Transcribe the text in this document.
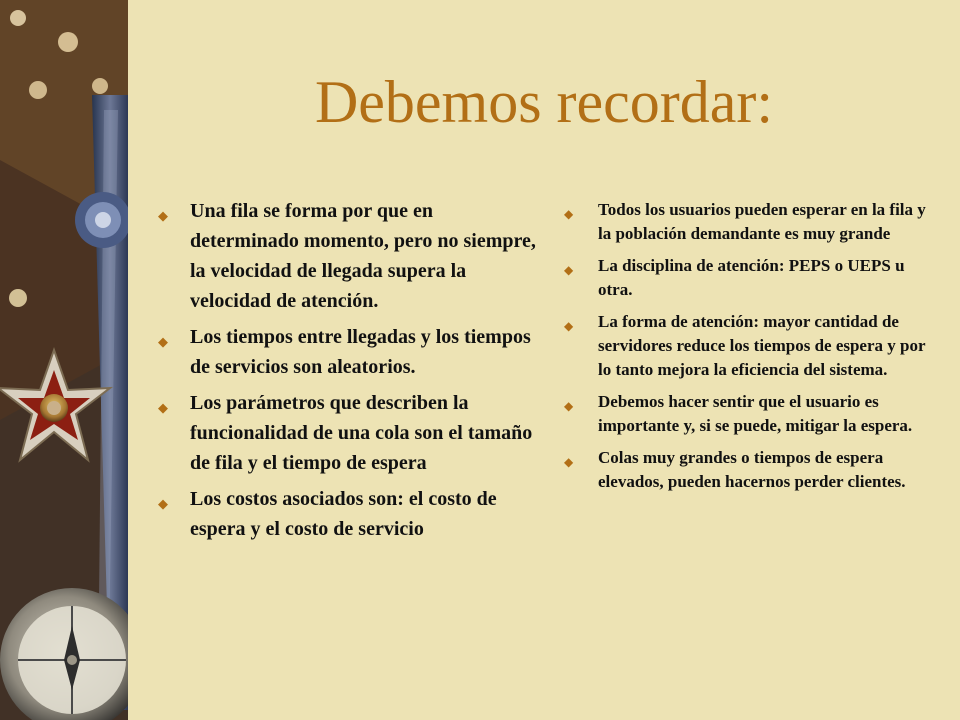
Debemos recordar:
◆ Una fila se forma por que en determinado momento, pero no siempre, la velocidad de llegada supera la velocidad de atención.
◆ Los tiempos entre llegadas y los tiempos de servicios son aleatorios.
◆ Los parámetros que describen la funcionalidad de una cola son el tamaño de fila y el tiempo de espera
◆ Los costos asociados son: el costo de espera y el costo de servicio
◆ Todos los usuarios pueden esperar en la fila y la población demandante es muy grande
◆ La disciplina de atención: PEPS o UEPS u otra.
◆ La forma de atención: mayor cantidad de servidores reduce los tiempos de espera y por lo tanto mejora la eficiencia del sistema.
◆ Debemos hacer sentir que el usuario es importante y, si se puede, mitigar la espera.
◆ Colas muy grandes o tiempos de espera elevados, pueden hacernos perder clientes.
